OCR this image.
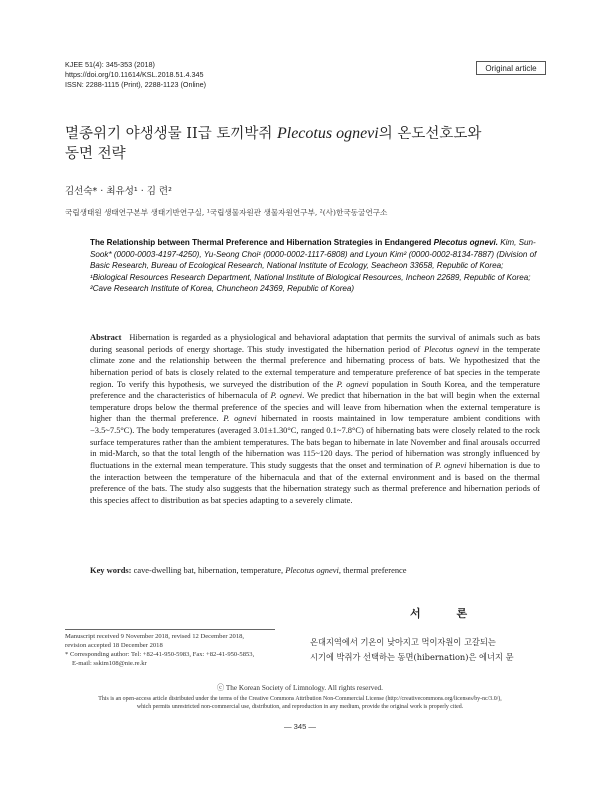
KJEE 51(4): 345-353 (2018)
https://doi.org/10.11614/KSL.2018.51.4.345
ISSN: 2288-1115 (Print), 2288-1123 (Online)
Original article
멸종위기 야생생물 II급 토끼박쥐 Plecotus ognevi의 온도선호도와
동면 전략
김선숙* · 최유성¹ · 김 련²
국립생태원 생태연구본부 생태기반연구실, ¹국립생물자원관 생물자원연구부, ²(사)한국동굴연구소
The Relationship between Thermal Preference and Hibernation Strategies in Endangered Plecotus ognevi. Kim, Sun-Sook* (0000-0003-4197-4250), Yu-Seong Choi¹ (0000-0002-1117-6808) and Lyoun Kim² (0000-0002-8134-7887) (Division of Basic Research, Bureau of Ecological Research, National Institute of Ecology, Seacheon 33658, Republic of Korea; ¹Biological Resources Research Department, National Institute of Biological Resources, Incheon 22689, Republic of Korea; ²Cave Research Institute of Korea, Chuncheon 24369, Republic of Korea)
Abstract Hibernation is regarded as a physiological and behavioral adaptation that permits the survival of animals such as bats during seasonal periods of energy shortage. This study investigated the hibernation period of Plecotus ognevi in the temperate climate zone and the relationship between the thermal preference and hibernating process of bats. We hypothesized that the hibernation period of bats is closely related to the external temperature and temperature preference of bat species in the temperate region. To verify this hypothesis, we surveyed the distribution of the P. ognevi population in South Korea, and the temperature preference and the characteristics of hibernacula of P. ognevi. We predict that hibernation in the bat will begin when the external temperature drops below the thermal preference of the species and will leave from hibernation when the external temperature is higher than the thermal preference. P. ognevi hibernated in roosts maintained in low temperature ambient conditions with −3.5~7.5°C). The body temperatures (averaged 3.01±1.30°C, ranged 0.1~7.8°C) of hibernating bats were closely related to the rock surface temperatures rather than the ambient temperatures. The bats began to hibernate in late November and final arousals occurred in mid-March, so that the total length of the hibernation was 115~120 days. The period of hibernation was strongly influenced by fluctuations in the external mean temperature. This study suggests that the onset and termination of P. ognevi hibernation is due to the interaction between the temperature of the hibernacula and that of the external environment and is based on the thermal preference of the bats. The study also suggests that the hibernation strategy such as thermal preference and hibernation periods of this species affect to distribution as bat species adapting to a severely climate.
Key words: cave-dwelling bat, hibernation, temperature, Plecotus ognevi, thermal preference
Manuscript received 9 November 2018, revised 12 December 2018,
revision accepted 18 December 2018
* Corresponding author: Tel: +82-41-950-5983, Fax: +82-41-950-5853,
E-mail: sskim108@nie.re.kr
서 론
온대지역에서 기온이 낮아지고 먹이자원이 고갈되는
시기에 박쥐가 선택하는 동면(hibernation)은 에너지 문
ⓒ The Korean Society of Limnology. All rights reserved.
This is an open-access article distributed under the terms of the Creative Commons Attribution Non-Commercial License (http://creativecommons.org/licenses/by-nc/3.0/),
which permits unrestricted non-commercial use, distribution, and reproduction in any medium, provide the original work is properly cited.
— 345 —
